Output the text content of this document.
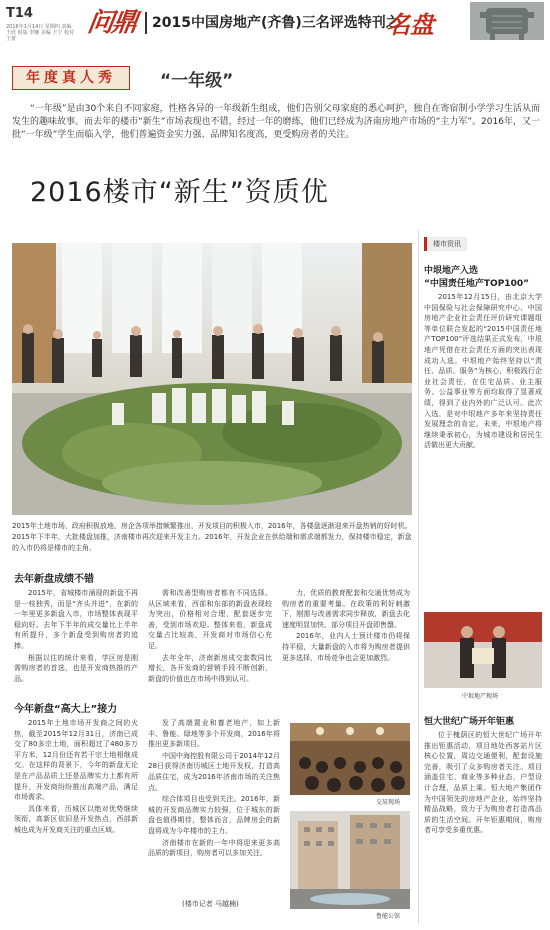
T14
2016年1月14日 星期四 责编 王欣 组版 李娜 美编 王宁 校对 王蕾
问鼎 2015中国房地产(齐鲁)三名评选特刊之
名盘
年度真人秀	“一年级”

“一年级”是由30个来自不同家庭，性格各异的一年级新生组成，他们告别父母家庭的悉心呵护，独自在寄宿制小学学习生活从而发生的趣味故事。而去年的楼市“新生”市场表现也不错，经过一年的磨练，他们已经成为济南房地产市场的“主力军”。2016年，又一批“一年级”学生而临入学，他们普遍资金实力强、品牌知名度高，更受购房者的关注。

2016楼市“新生”资质优

2015年土地市场，政府积极放地，房企各项举措频繁推出，开发项目的积极入市，2016年，各楼盘逐渐迎来开盘热销的好时机。2015年下半年，大批楼盘加推，济南楼市再次迎来开发主力。2016年，开发企业在供给端和需求端都发力，保持楼市稳定，新盘的入市仍将是楼市的主角。

去年新盘成绩不错

2015年，省城楼市涌现的新盘不再是一枝独秀，而是“齐头并进”，在新的一年里更多新盘入市，市场整体表现平稳向好。去年下半年的成交量比上半年有所提升，多个新盘受到购房者的追捧。

根据以往的统计来看，学区房是刚需购房者的首选，也是开发商热推的产品。

需和改善型购房者都有不同选择。从区域来看，西部和东部的新盘表现较为突出，价格相对合理，配套逐步完善，受到市场欢迎。整体来看，新盘成交量占比较高，开发商对市场信心充足。

去年全年，济南新房成交套数同比增长，各开发商的营销手段不断创新，新盘的价值也在市场中得到认可。

力，优质的教育配套和交通优势成为购房者的重要考量。在政策的利好刺激下，刚需与改善需求同步释放，新盘去化速度明显加快，部分项目开盘即售罄。

2016年，业内人士预计楼市仍将保持平稳，大量新盘的入市将为购房者提供更多选择，市场竞争也会更加激烈。

今年新盘“高大上”接力

2015年土地市场开发商之间的火热，截至2015年12月31日，济南已成交了80多宗土地，面积超过了480多万平方米，12月份还有若干宗土地相继成交。在这样的背景下，今年的新盘无论是在产品品质上还是品牌实力上都有所提升，开发商纷纷推出高端产品，满足市场需求。

具体来看，历城区以绝对优势继续领衔，高新区依旧是开发热点，西部新城也成为开发商关注的重点区域。

发了高端置业和養老地产，如上新丰、鲁能、绿地等多个开发商，2016年将推出更多新项目。

中国中海控股有限公司于2014年12月28日获得济南历城区土地开发权，打造高品质住宅，成为2016年济南市场的关注焦点。

综合体项目也受到关注。2016年，新城的开发商品牌实力较强，位于城东的新盘也值得期待，整体而言，品牌房企的新盘将成为今年楼市的主力。

济南楼市在新的一年中将迎来更多高品质的新项目，购房者可以多加关注。

(楼市记者 马越楠)
交易现场
鲁能公馆
楼市资讯
中垠地产入选
“中国责任地产TOP100”

2015年12月15日，由北京大学中国保险与社会保障研究中心、中国房地产企业社会责任评价研究课题组等单位联合发起的“2015中国责任地产TOP100”评选结果正式发布，中垠地产凭借在社会责任方面的突出表现成功入选。中垠地产始终坚持以“责任、品质、服务”为核心，积极践行企业社会责任，在住宅品质、业主服务、公益事业等方面均取得了显著成绩，得到了业内外的广泛认可。此次入选，是对中垠地产多年来坚持责任发展理念的肯定。未来，中垠地产将继续秉承初心，为城市建设和居民生活做出更大贡献。

中垠地产现场
恒大世纪广场开年钜惠

位于槐荫区的恒大世纪广场开年推出钜惠活动，项目地处西客站片区核心位置，周边交通便利，配套设施完善，吸引了众多购房者关注。项目涵盖住宅、商业等多种业态，户型设计合理，品质上乘。恒大地产集团作为中国领先的房地产企业，始终坚持精品战略，致力于为购房者打造高品质的生活空间。开年钜惠期间，购房者可享受多重优惠。
